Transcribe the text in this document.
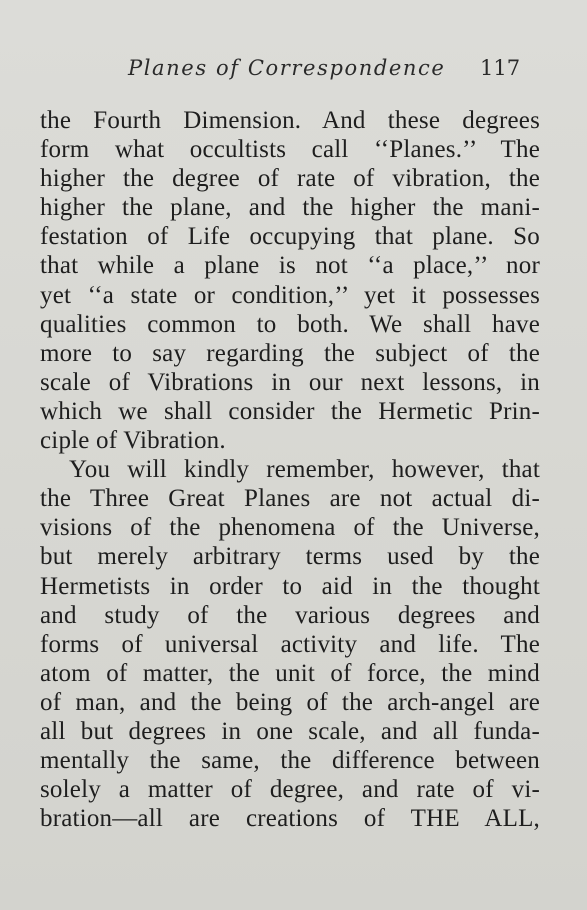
Planes of Correspondence 117
the Fourth Dimension. And these degrees
form what occultists call ‘‘Planes.’’ The
higher the degree of rate of vibration, the
higher the plane, and the higher the mani-
festation of Life occupying that plane. So
that while a plane is not ‘‘a place,’’ nor
yet ‘‘a state or condition,’’ yet it possesses
qualities common to both. We shall have
more to say regarding the subject of the
scale of Vibrations in our next lessons, in
which we shall consider the Hermetic Prin-
ciple of Vibration.
You will kindly remember, however, that
the Three Great Planes are not actual di-
visions of the phenomena of the Universe,
but merely arbitrary terms used by the
Hermetists in order to aid in the thought
and study of the various degrees and
forms of universal activity and life. The
atom of matter, the unit of force, the mind
of man, and the being of the arch-angel are
all but degrees in one scale, and all funda-
mentally the same, the difference between
solely a matter of degree, and rate of vi-
bration—all are creations of THE ALL,
